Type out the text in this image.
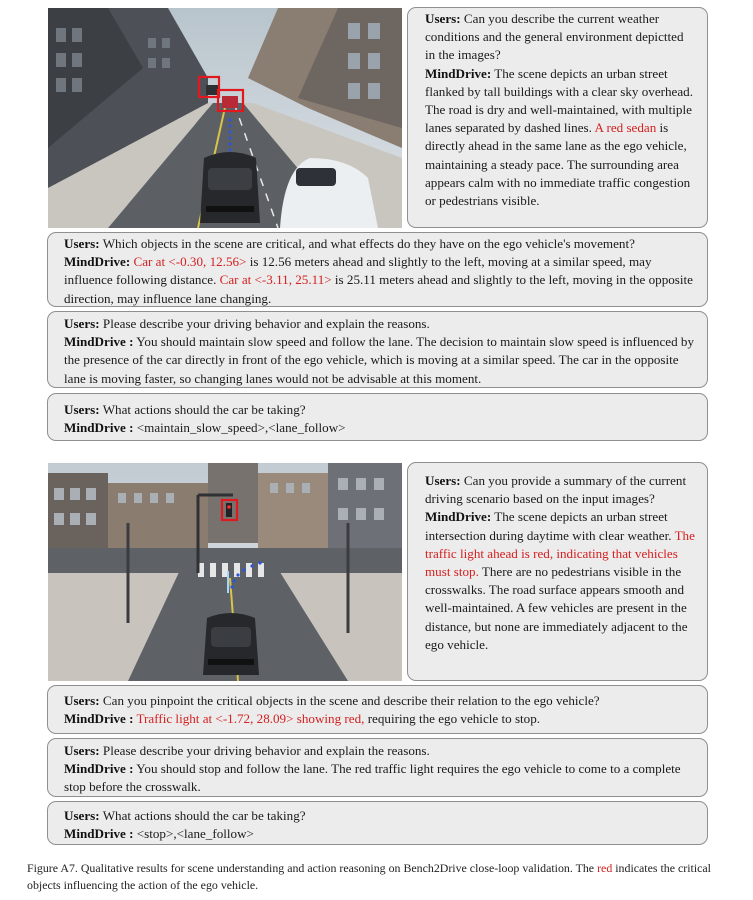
Users: Can you describe the current weather conditions and the general environment depictted in the images?

MindDrive: The scene depicts an urban street flanked by tall buildings with a clear sky overhead. The road is dry and well-maintained, with multiple lanes separated by dashed lines. A red sedan is directly ahead in the same lane as the ego vehicle, maintaining a steady pace. The surrounding area appears calm with no immediate traffic congestion or pedestrians visible.

Users: Which objects in the scene are critical, and what effects do they have on the ego vehicle's movement?

MindDrive: Car at <-0.30, 12.56> is 12.56 meters ahead and slightly to the left, moving at a similar speed, may influence following distance. Car at <-3.11, 25.11> is 25.11 meters ahead and slightly to the left, moving in the opposite direction, may influence lane changing.

Users: Please describe your driving behavior and explain the reasons.

MindDrive : You should maintain slow speed and follow the lane. The decision to maintain slow speed is influenced by the presence of the car directly in front of the ego vehicle, which is moving at a similar speed. The car in the opposite lane is moving faster, so changing lanes would not be advisable at this moment.

Users: What actions should the car be taking?

MindDrive : <maintain_slow_speed>,<lane_follow>

Users: Can you provide a summary of the current driving scenario based on the input images?

MindDrive: The scene depicts an urban street intersection during daytime with clear weather. The traffic light ahead is red, indicating that vehicles must stop. There are no pedestrians visible in the crosswalks. The road surface appears smooth and well-maintained. A few vehicles are present in the distance, but none are immediately adjacent to the ego vehicle.

Users: Can you pinpoint the critical objects in the scene and describe their relation to the ego vehicle?

MindDrive : Traffic light at <-1.72, 28.09> showing red, requiring the ego vehicle to stop.

Users: Please describe your driving behavior and explain the reasons.

MindDrive : You should stop and follow the lane. The red traffic light requires the ego vehicle to come to a complete stop before the crosswalk.

Users: What actions should the car be taking?

MindDrive : <stop>,<lane_follow>

Figure A7. Qualitative results for scene understanding and action reasoning on Bench2Drive close-loop validation. The red indicates the critical objects influencing the action of the ego vehicle.
